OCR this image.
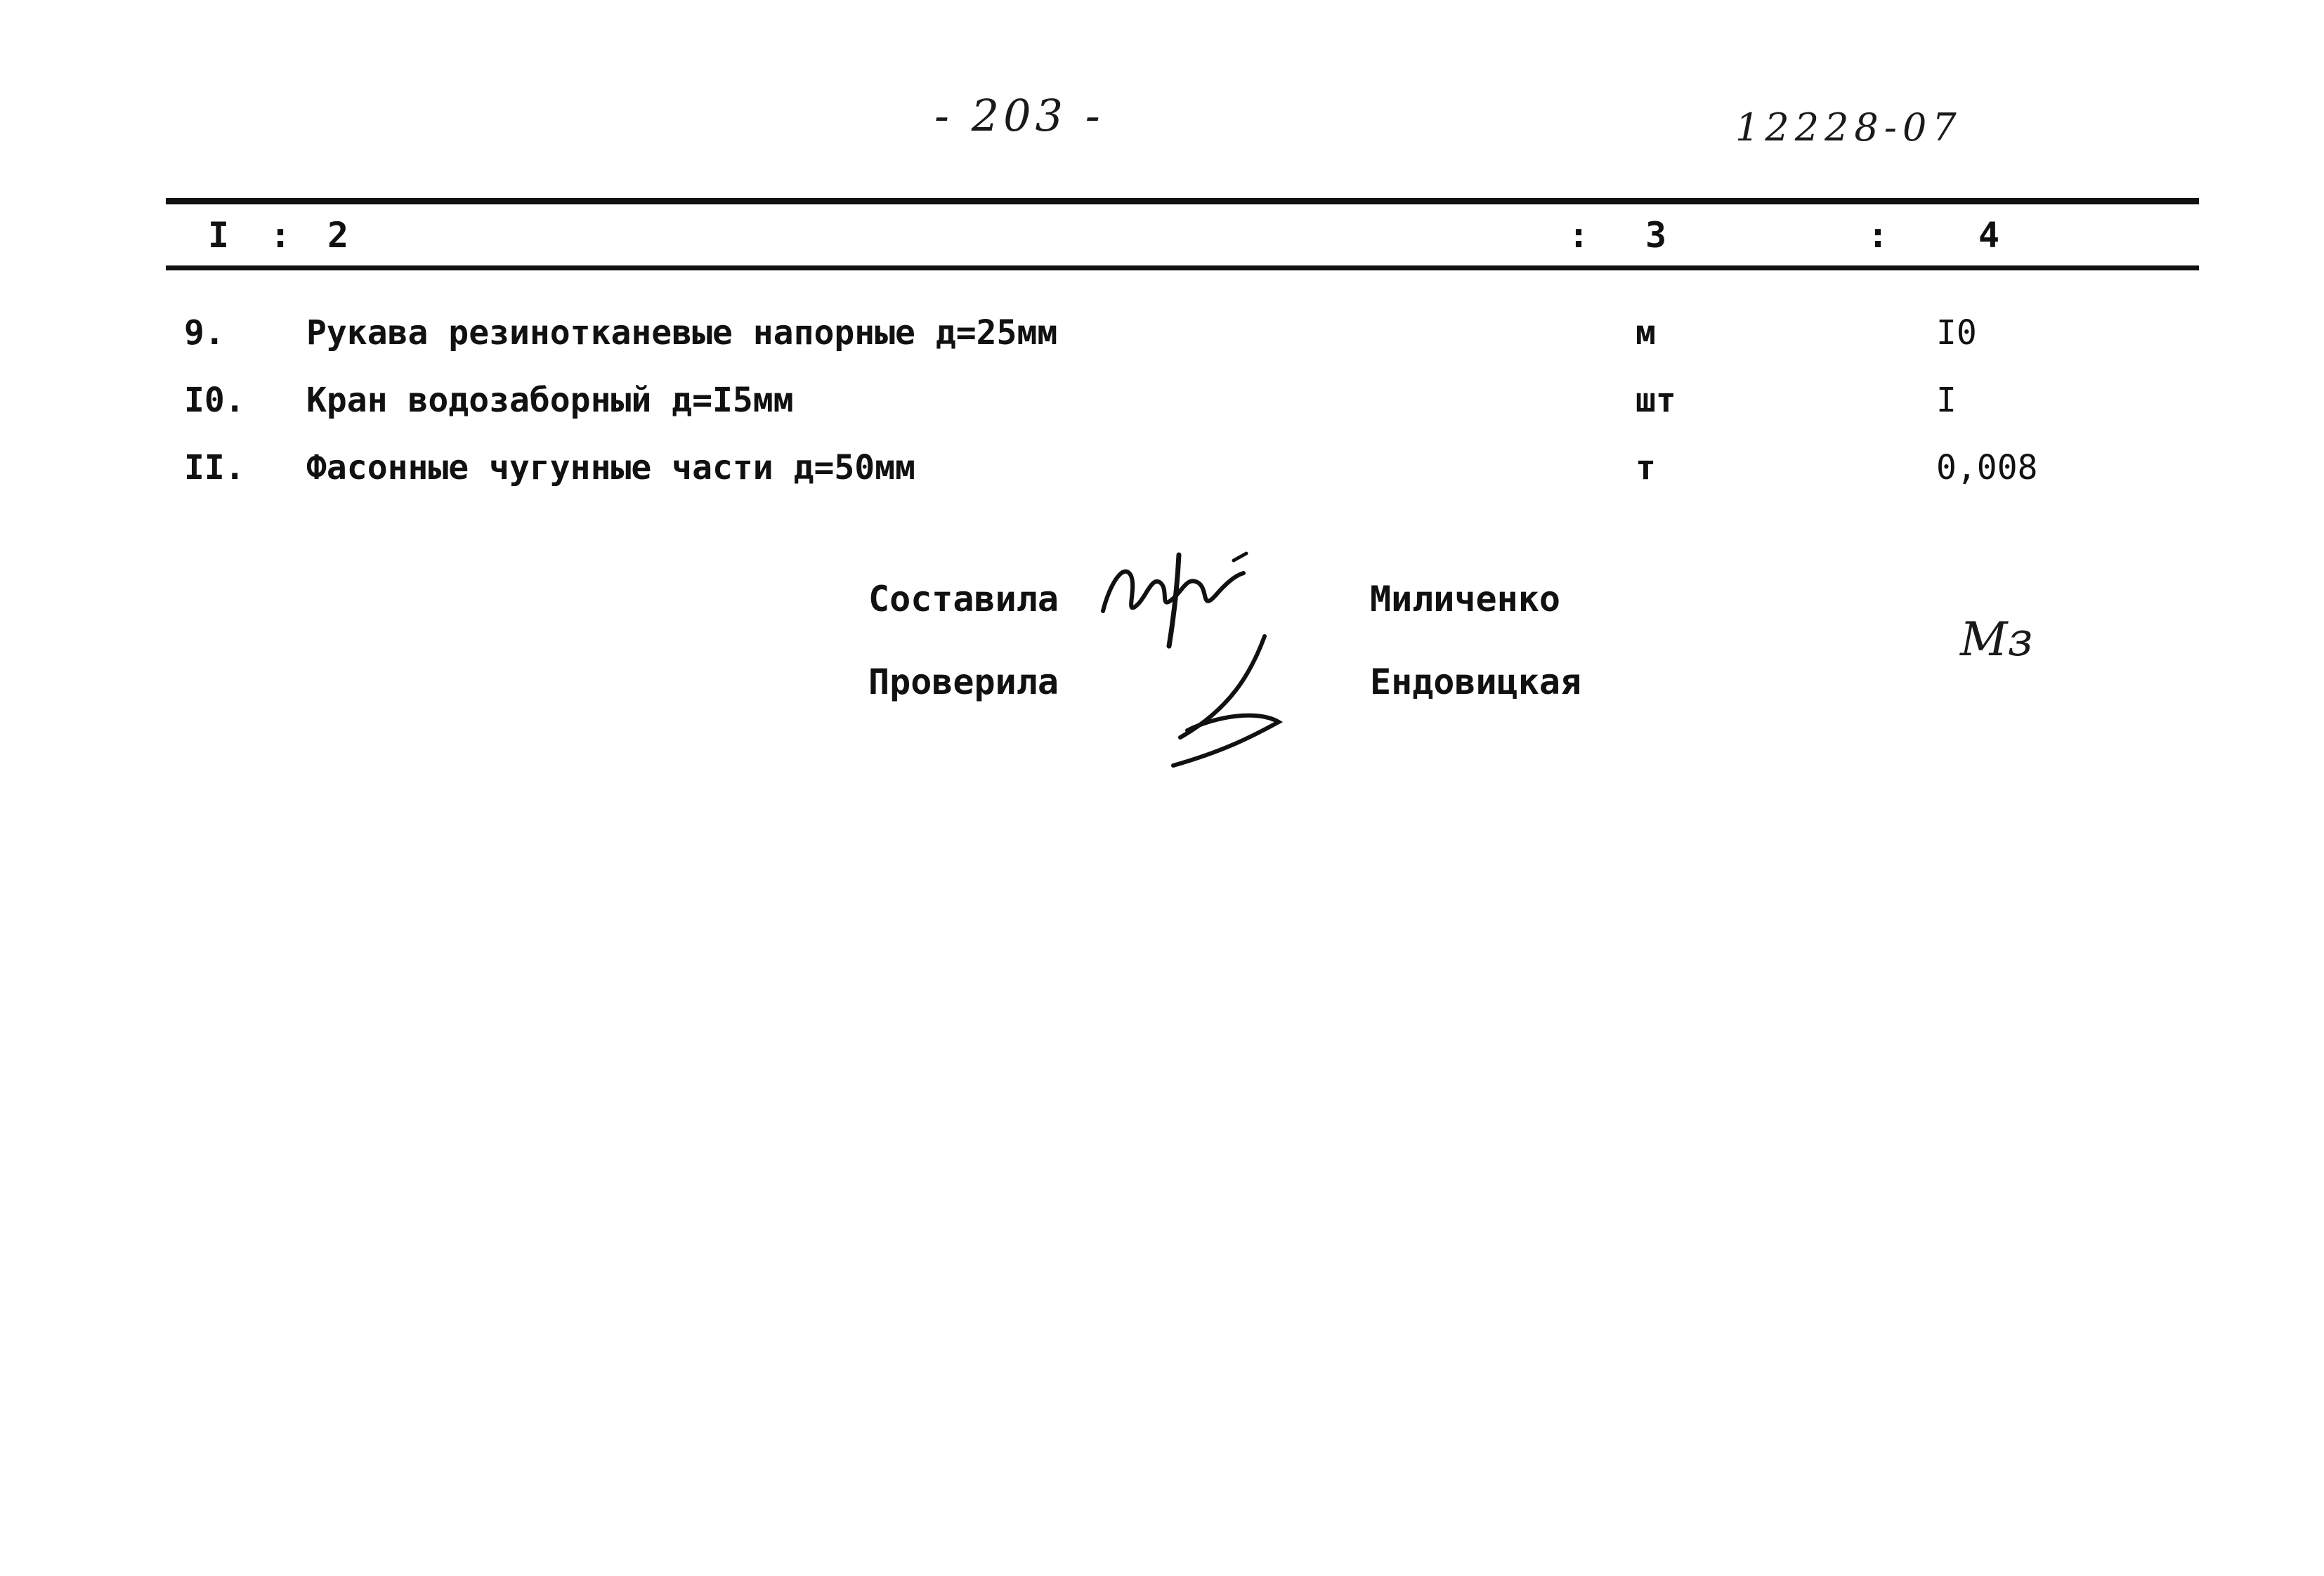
- 203 -	12228-07
I : 2	: 3	:	4
9. Рукава резинотканевые напорные д=25мм	м	I0
I0. Кран водозаборный д=I5мм	шт	I
II. Фасонные чугунные части д=50мм	т	0,008
Составила	Миличенко
Проверила	Ендовицкая
Мз
